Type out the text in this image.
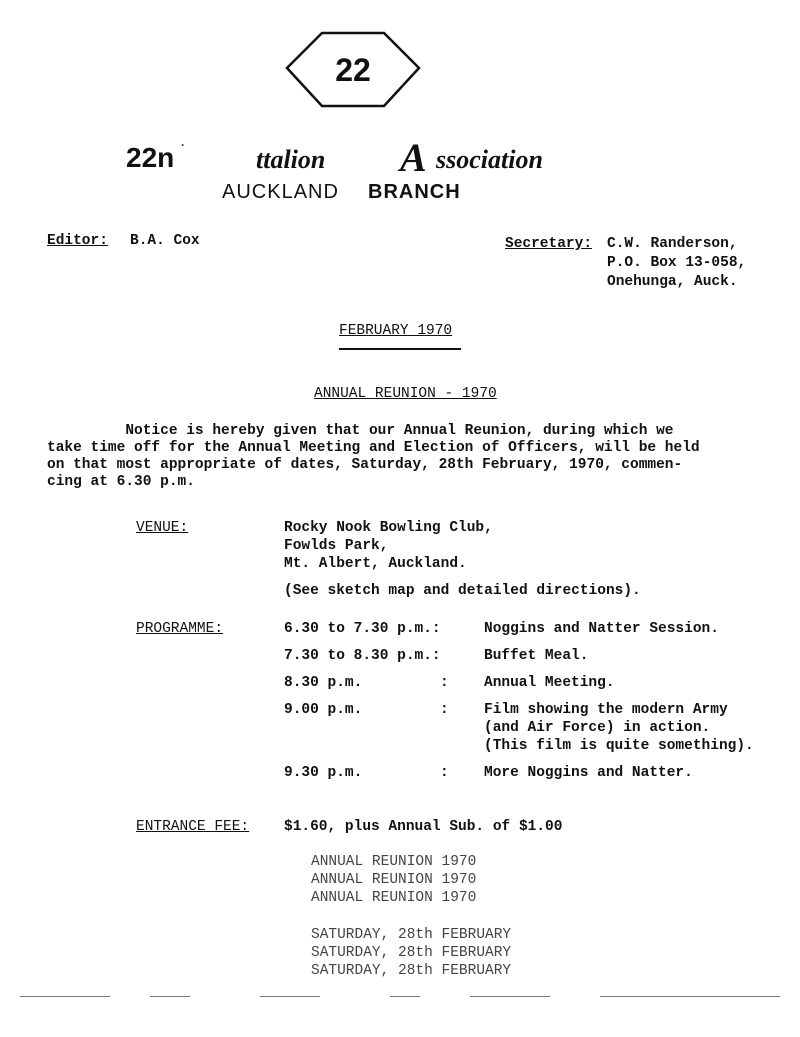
22
22n ·	ttalion A ssociation
AUCKLAND BRANCH
Editor: B.A. Cox	Secretary: C.W. Randerson,
P.O. Box 13-058,
Onehunga, Auck.
FEBRUARY 1970
ANNUAL REUNION - 1970
Notice is hereby given that our Annual Reunion, during which we
take time off for the Annual Meeting and Election of Officers, will be held
on that most appropriate of dates, Saturday, 28th February, 1970, commen-
cing at 6.30 p.m.
VENUE:	Rocky Nook Bowling Club,
Fowlds Park,
Mt. Albert, Auckland.
(See sketch map and detailed directions).
PROGRAMME:	6.30 to 7.30 p.m.:	Noggins and Natter Session.
7.30 to 8.30 p.m.:	Buffet Meal.
8.30 p.m.	: Annual Meeting.
9.00 p.m.	: Film showing the modern Army
(and Air Force) in action.
(This film is quite something).
9.30 p.m.	: More Noggins and Natter.
ENTRANCE FEE: $1.60, plus Annual Sub. of $1.00
ANNUAL REUNION 1970
ANNUAL REUNION 1970
ANNUAL REUNION 1970
SATURDAY, 28th FEBRUARY
SATURDAY, 28th FEBRUARY
SATURDAY, 28th FEBRUARY
